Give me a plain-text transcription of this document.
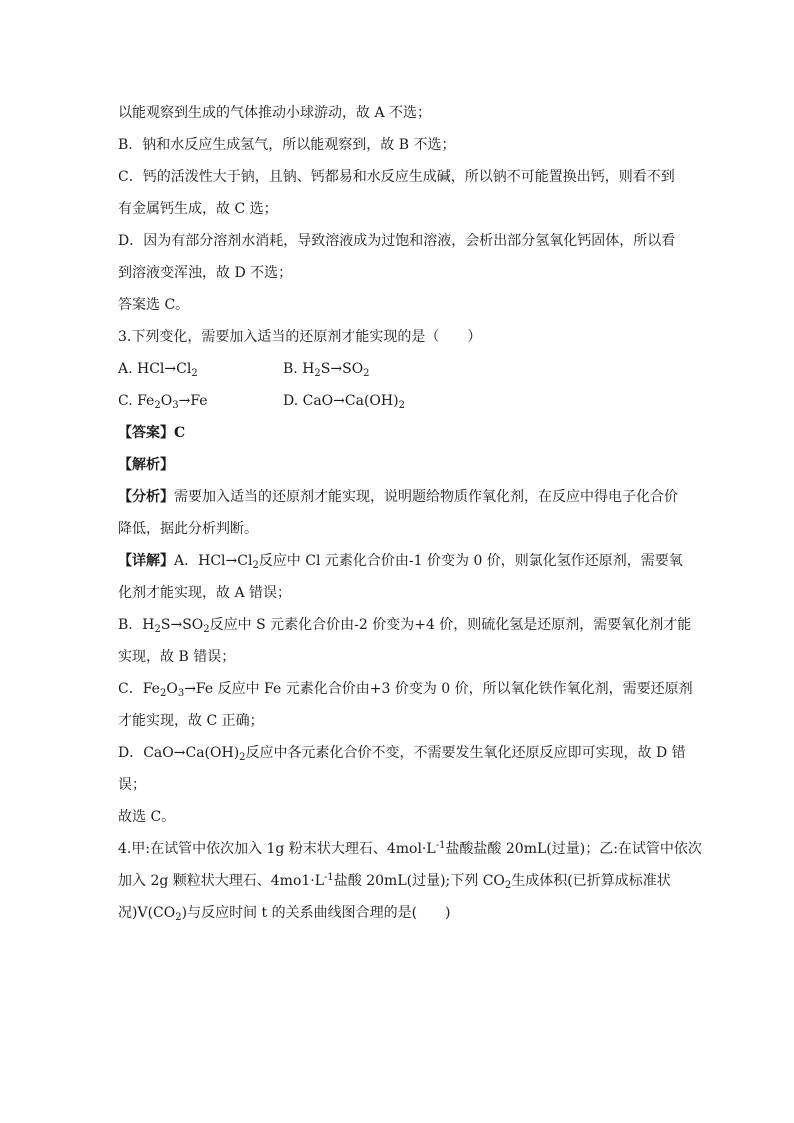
以能观察到生成的气体推动小球游动，故 A 不选；
B．钠和水反应生成氢气，所以能观察到，故 B 不选；
C．钙的活泼性大于钠，且钠、钙都易和水反应生成碱，所以钠不可能置换出钙，则看不到
有金属钙生成，故 C 选；
D．因为有部分溶剂水消耗，导致溶液成为过饱和溶液，会析出部分氢氧化钙固体，所以看
到溶液变浑浊，故 D 不选；
答案选 C。
3.下列变化，需要加入适当的还原剂才能实现的是（　　）
A. $HCl\to Cl_2$	B. $H_2S\to SO_2$
C. $Fe_2O_3\to Fe$	D. $CaO\to Ca(OH)_2$
【答案】C
【解析】
【分析】需要加入适当的还原剂才能实现，说明题给物质作氧化剂，在反应中得电子化合价
降低，据此分析判断。
【详解】A．$HCl\to Cl_2$反应中 Cl 元素化合价由-1 价变为 0 价，则氯化氢作还原剂，需要氧
化剂才能实现，故 A 错误；
B．$H_2S\to SO_2$反应中 S 元素化合价由-2 价变为+4 价，则硫化氢是还原剂，需要氧化剂才能
实现，故 B 错误；
C．$Fe_2O_3\to Fe$ 反应中 Fe 元素化合价由+3 价变为 0 价，所以氧化铁作氧化剂，需要还原剂
才能实现，故 C 正确；
D．$CaO\to Ca(OH)_2$反应中各元素化合价不变，不需要发生氧化还原反应即可实现，故 D 错
误；
故选 C。
4.甲:在试管中依次加入 1g 粉末状大理石、$4mol\cdot L^{-1}$盐酸盐酸 20mL(过量)；乙:在试管中依次
加入 2g 颗粒状大理石、$4mo1\cdot L^{-1}$盐酸 20mL(过量);下列 $CO_2$生成体积(已折算成标准状
况)$V(CO_2)$与反应时间 t 的关系曲线图合理的是(　　)
